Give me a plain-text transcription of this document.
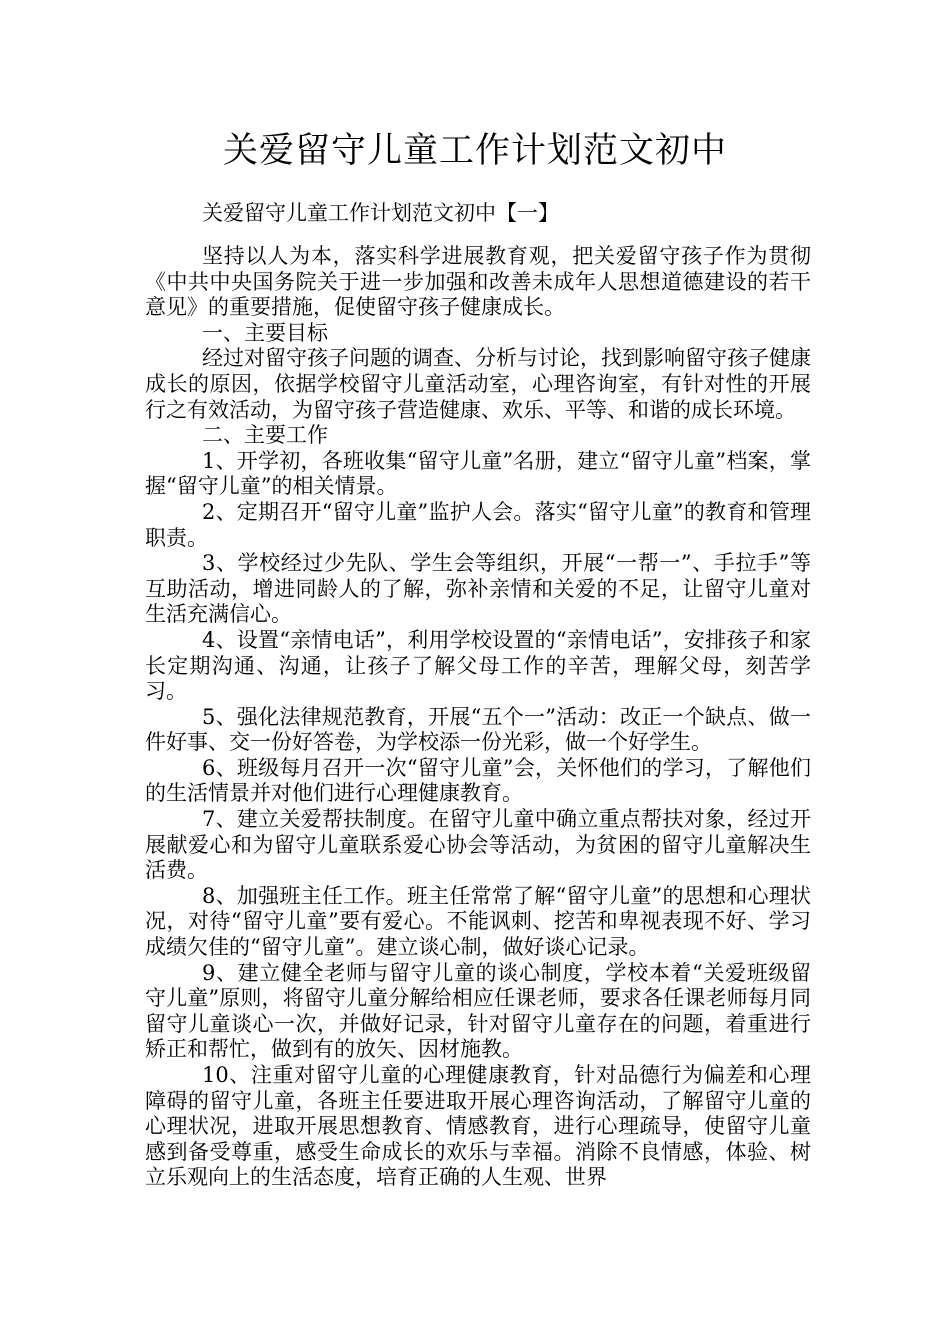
关爱留守儿童工作计划范文初中

关爱留守儿童工作计划范文初中【一】

坚持以人为本，落实科学进展教育观，把关爱留守孩子作为贯彻《中共中央国务院关于进一步加强和改善未成年人思想道德建设的若干意见》的重要措施，促使留守孩子健康成长。

一、主要目标

经过对留守孩子问题的调查、分析与讨论，找到影响留守孩子健康成长的原因，依据学校留守儿童活动室，心理咨询室，有针对性的开展行之有效活动，为留守孩子营造健康、欢乐、平等、和谐的成长环境。

二、主要工作

1、开学初，各班收集“留守儿童”名册，建立“留守儿童”档案，掌握“留守儿童”的相关情景。

2、定期召开“留守儿童”监护人会。落实“留守儿童”的教育和管理职责。

3、学校经过少先队、学生会等组织，开展“一帮一”、手拉手”等互助活动，增进同龄人的了解，弥补亲情和关爱的不足，让留守儿童对生活充满信心。

4、设置“亲情电话”，利用学校设置的“亲情电话”，安排孩子和家长定期沟通、沟通，让孩子了解父母工作的辛苦，理解父母，刻苦学习。

5、强化法律规范教育，开展“五个一”活动：改正一个缺点、做一件好事、交一份好答卷，为学校添一份光彩，做一个好学生。

6、班级每月召开一次“留守儿童”会，关怀他们的学习，了解他们的生活情景并对他们进行心理健康教育。

7、建立关爱帮扶制度。在留守儿童中确立重点帮扶对象，经过开展献爱心和为留守儿童联系爱心协会等活动，为贫困的留守儿童解决生活费。

8、加强班主任工作。班主任常常了解“留守儿童”的思想和心理状况，对待“留守儿童”要有爱心。不能讽刺、挖苦和卑视表现不好、学习成绩欠佳的“留守儿童”。建立谈心制，做好谈心记录。

9、建立健全老师与留守儿童的谈心制度，学校本着“关爱班级留守儿童”原则，将留守儿童分解给相应任课老师，要求各任课老师每月同留守儿童谈心一次，并做好记录，针对留守儿童存在的问题，着重进行矫正和帮忙，做到有的放矢、因材施教。

10、注重对留守儿童的心理健康教育，针对品德行为偏差和心理障碍的留守儿童，各班主任要进取开展心理咨询活动，了解留守儿童的心理状况，进取开展思想教育、情感教育，进行心理疏导，使留守儿童感到备受尊重，感受生命成长的欢乐与幸福。消除不良情感，体验、树立乐观向上的生活态度，培育正确的人生观、世界
